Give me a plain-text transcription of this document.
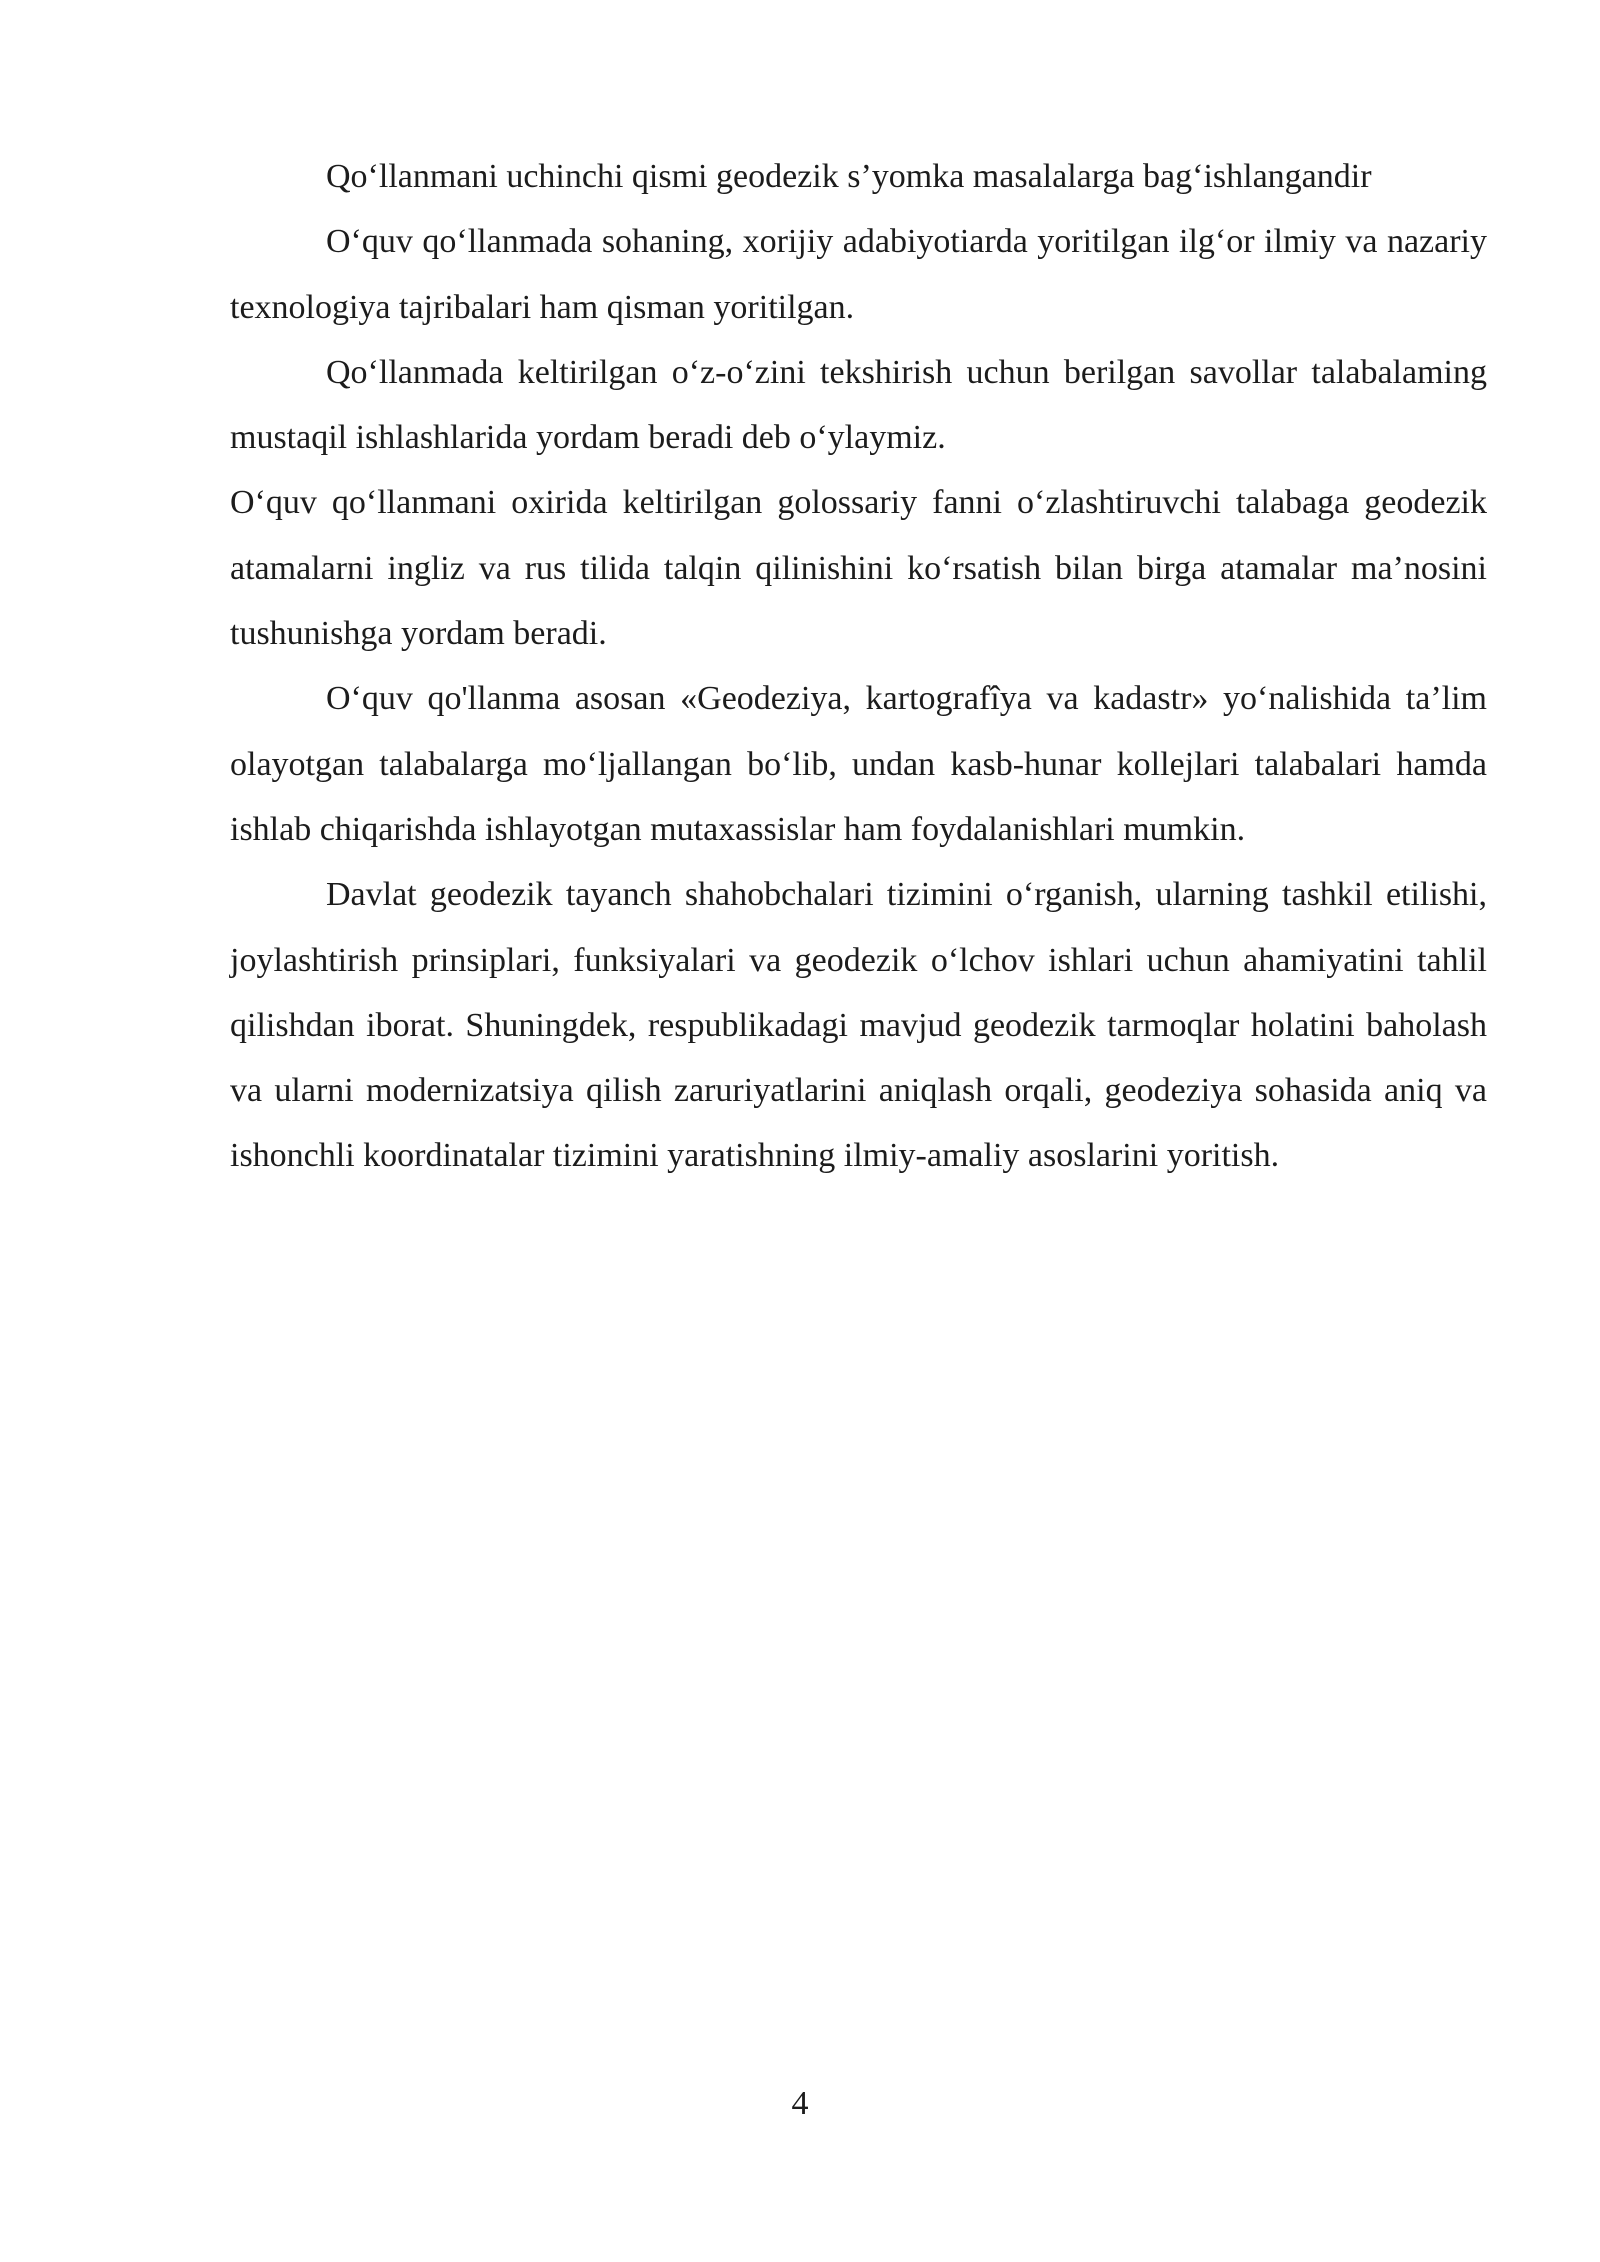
Qo‘llanmani uchinchi qismi geodezik s’yomka masalalarga bag‘ishlangandir

O‘quv qo‘llanmada sohaning, xorijiy adabiyotiarda yoritilgan ilg‘or ilmiy va nazariy texnologiya tajribalari ham qisman yoritilgan.

Qo‘llanmada keltirilgan o‘z-o‘zini tekshirish uchun berilgan savollar talabalaming mustaqil ishlashlarida yordam beradi deb o‘ylaymiz.

O‘quv qo‘llanmani oxirida keltirilgan golossariy fanni o‘zlashtiruvchi talabaga geodezik atamalarni ingliz va rus tilida talqin qilinishini ko‘rsatish bilan birga atamalar ma’nosini tushunishga yordam beradi.

O‘quv qo'llanma asosan «Geodeziya, kartografîya va kadastr» yo‘nalishida ta’lim olayotgan talabalarga mo‘ljallangan bo‘lib, undan kasb-hunar kollejlari talabalari hamda ishlab chiqarishda ishlayotgan mutaxassislar ham foydalanishlari mumkin.

Davlat geodezik tayanch shahobchalari tizimini o‘rganish, ularning tashkil etilishi, joylashtirish prinsiplari, funksiyalari va geodezik o‘lchov ishlari uchun ahamiyatini tahlil qilishdan iborat. Shuningdek, respublikadagi mavjud geodezik tarmoqlar holatini baholash va ularni modernizatsiya qilish zaruriyatlarini aniqlash orqali, geodeziya sohasida aniq va ishonchli koordinatalar tizimini yaratishning ilmiy-amaliy asoslarini yoritish.

4
